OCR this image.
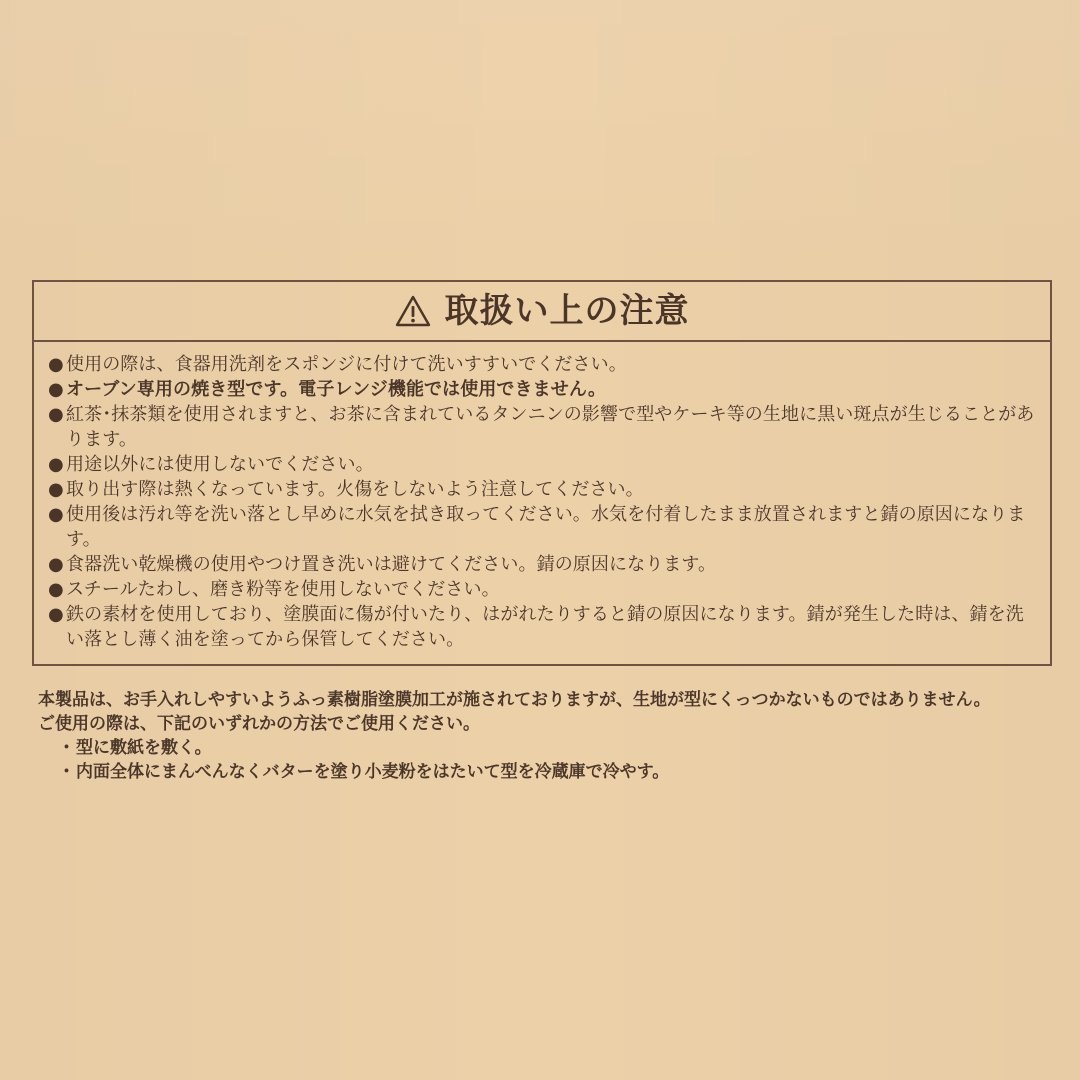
取扱い上の注意
● 使用の際は、食器用洗剤をスポンジに付けて洗いすすいでください。
● オーブン専用の焼き型です。電子レンジ機能では使用できません。
● 紅茶･抹茶類を使用されますと、お茶に含まれているタンニンの影響で型やケーキ等の生地に黒い斑点が生じることがあります。
● 用途以外には使用しないでください。
● 取り出す際は熱くなっています。火傷をしないよう注意してください。
● 使用後は汚れ等を洗い落とし早めに水気を拭き取ってください。水気を付着したまま放置されますと錆の原因になります。
● 食器洗い乾燥機の使用やつけ置き洗いは避けてください。錆の原因になります。
● スチールたわし、磨き粉等を使用しないでください。
● 鉄の素材を使用しており、塗膜面に傷が付いたり、はがれたりすると錆の原因になります。錆が発生した時は、錆を洗い落とし薄く油を塗ってから保管してください。

本製品は、お手入れしやすいようふっ素樹脂塗膜加工が施されておりますが、生地が型にくっつかないものではありません。

ご使用の際は、下記のいずれかの方法でご使用ください。

・ 型に敷紙を敷く。
・ 内面全体にまんべんなくバターを塗り小麦粉をはたいて型を冷蔵庫で冷やす。
